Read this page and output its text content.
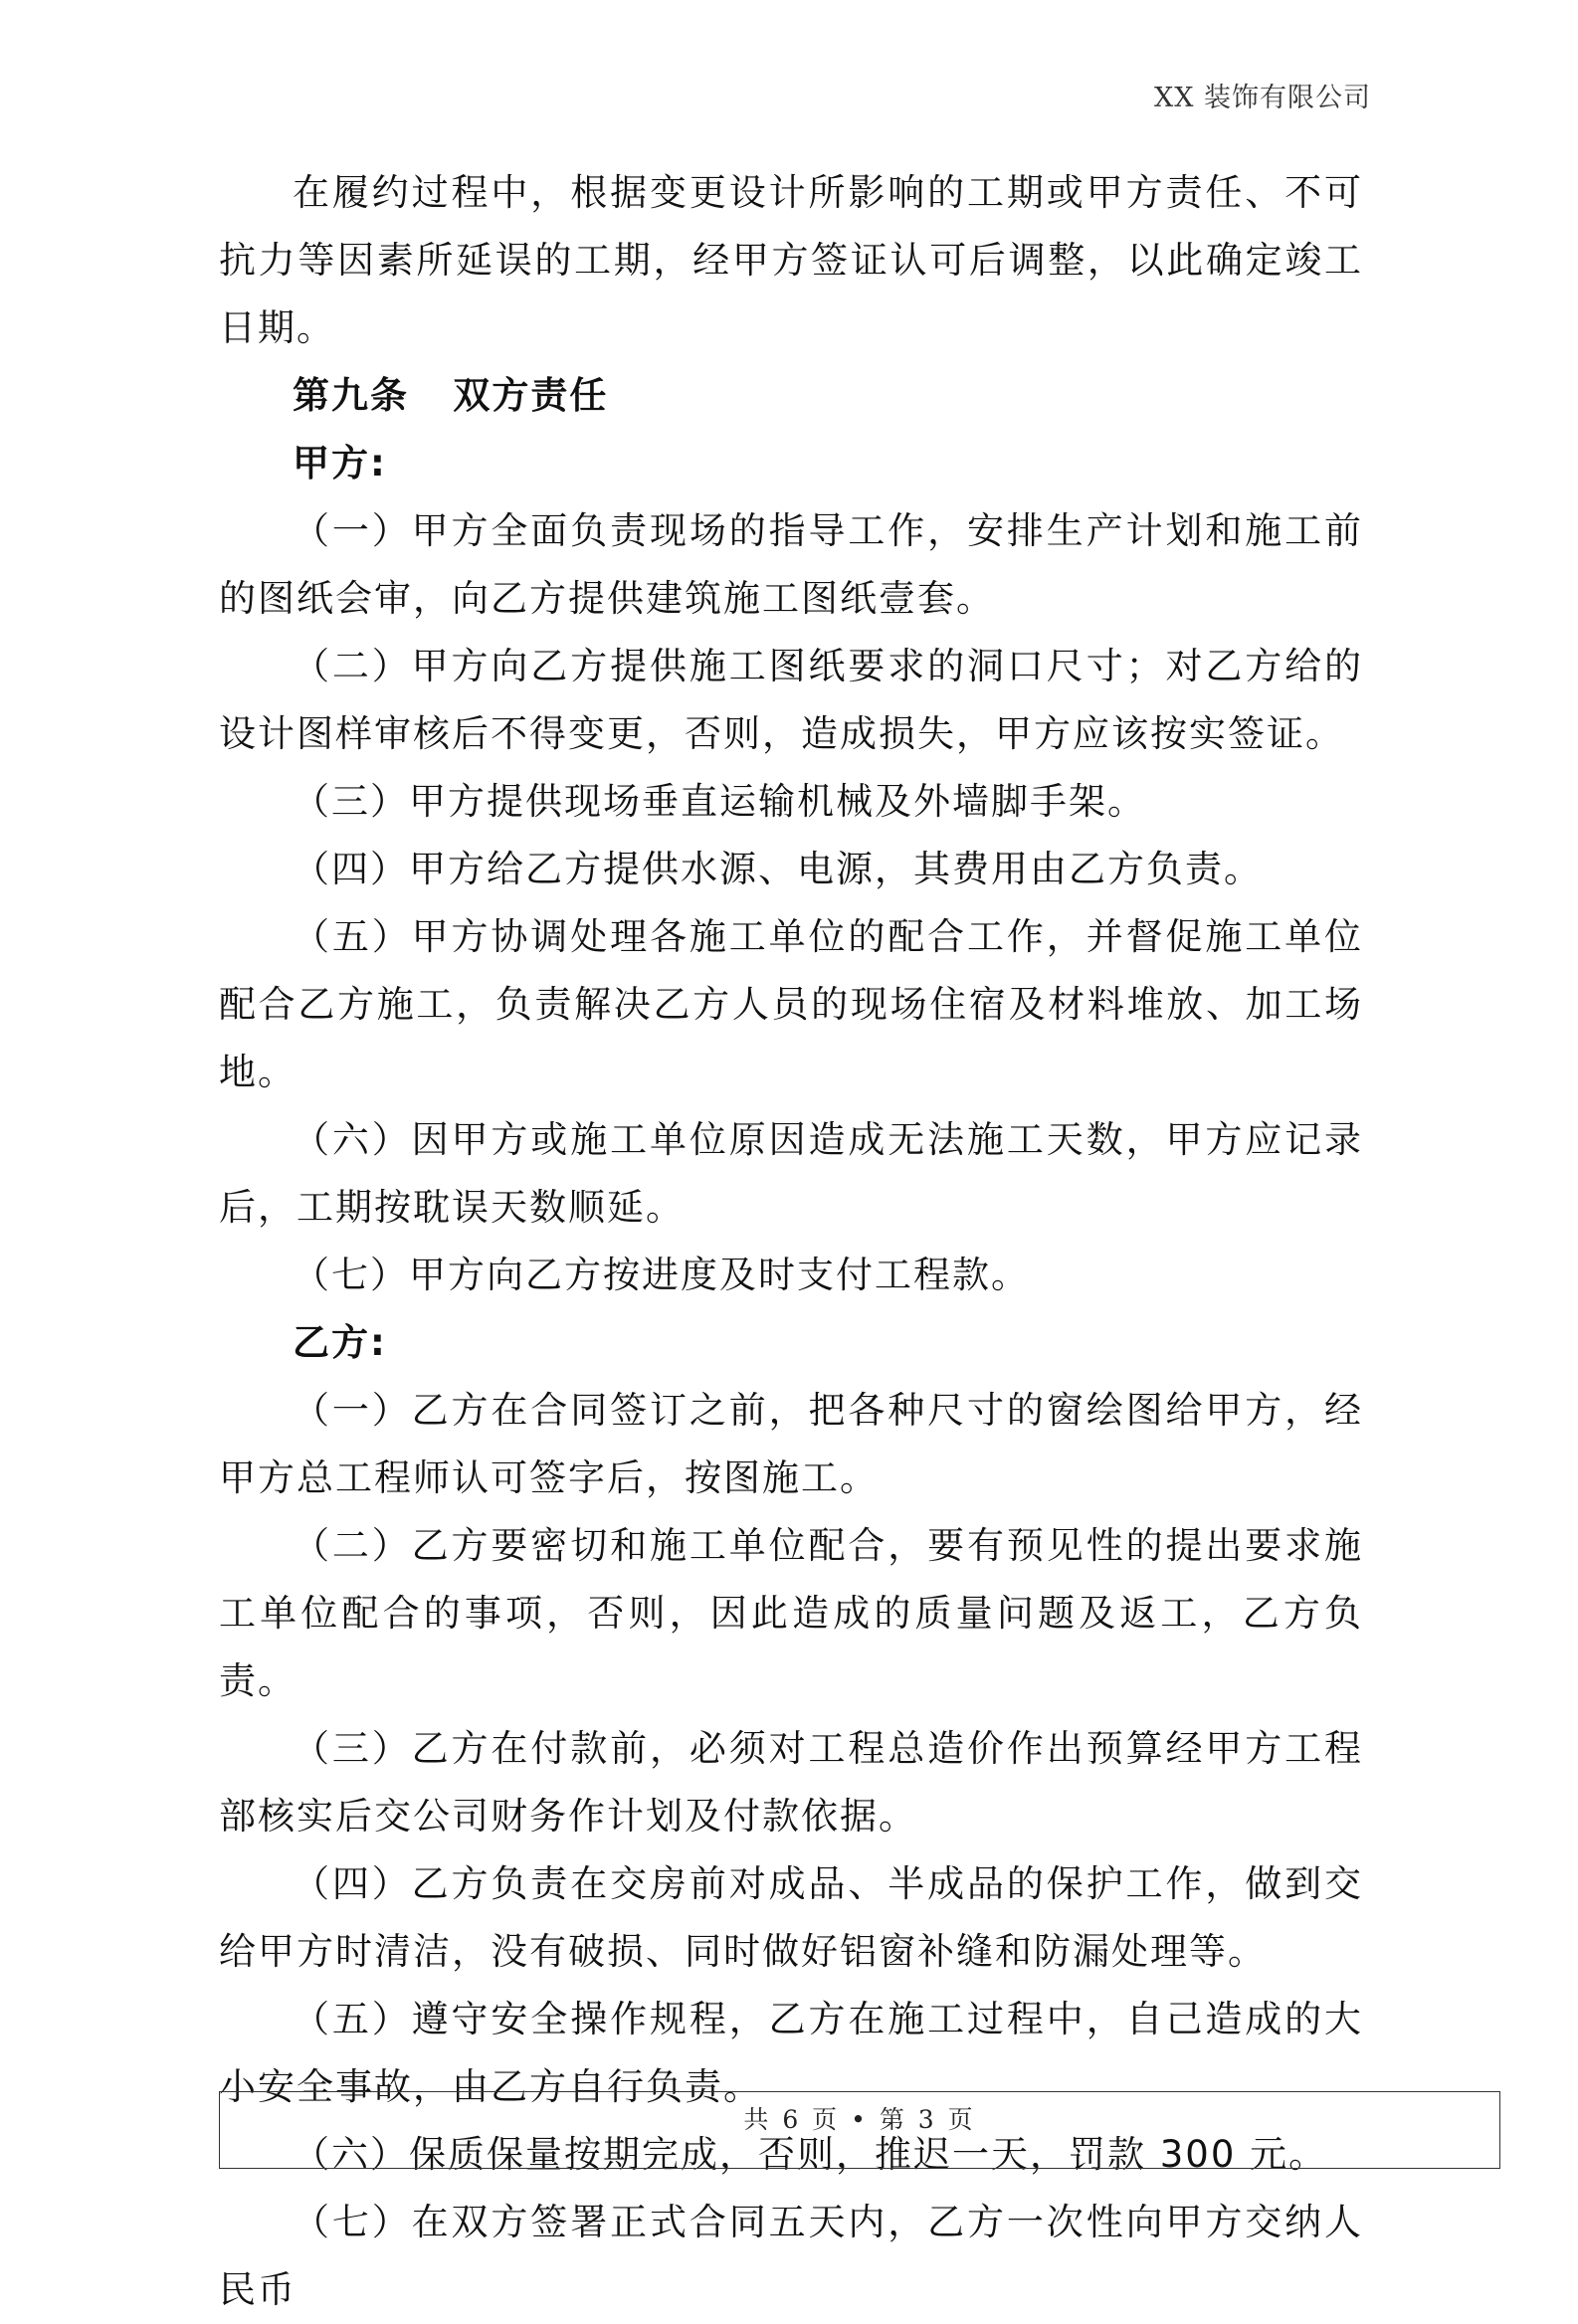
XX 装饰有限公司

在履约过程中，根据变更设计所影响的工期或甲方责任、不可抗力等因素所延误的工期，经甲方签证认可后调整，以此确定竣工日期。

第九条 双方责任

甲方:

（一）甲方全面负责现场的指导工作，安排生产计划和施工前的图纸会审，向乙方提供建筑施工图纸壹套。

（二）甲方向乙方提供施工图纸要求的洞口尺寸；对乙方给的设计图样审核后不得变更，否则，造成损失，甲方应该按实签证。

（三）甲方提供现场垂直运输机械及外墙脚手架。

（四）甲方给乙方提供水源、电源，其费用由乙方负责。

（五）甲方协调处理各施工单位的配合工作，并督促施工单位配合乙方施工，负责解决乙方人员的现场住宿及材料堆放、加工场地。

（六）因甲方或施工单位原因造成无法施工天数，甲方应记录后，工期按耽误天数顺延。

（七）甲方向乙方按进度及时支付工程款。

乙方:

（一）乙方在合同签订之前，把各种尺寸的窗绘图给甲方，经甲方总工程师认可签字后，按图施工。

（二）乙方要密切和施工单位配合，要有预见性的提出要求施工单位配合的事项，否则，因此造成的质量问题及返工，乙方负责。

（三）乙方在付款前，必须对工程总造价作出预算经甲方工程部核实后交公司财务作计划及付款依据。

（四）乙方负责在交房前对成品、半成品的保护工作，做到交给甲方时清洁，没有破损、同时做好铝窗补缝和防漏处理等。

（五）遵守安全操作规程，乙方在施工过程中，自己造成的大小安全事故，由乙方自行负责。

（六）保质保量按期完成，否则，推迟一天，罚款 300 元。

（七）在双方签署正式合同五天内，乙方一次性向甲方交纳人民币

共 6 页 • 第 3 页
